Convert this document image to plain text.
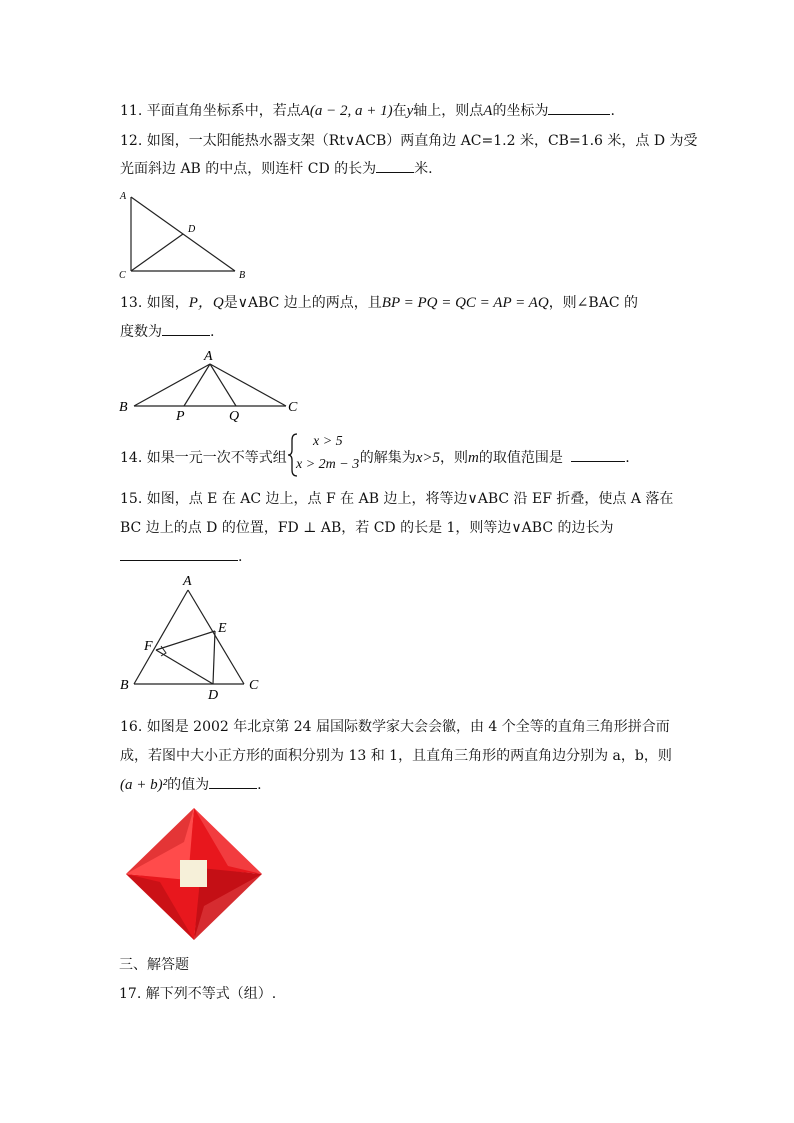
11. 平面直角坐标系中，若点A(a − 2, a + 1)在y轴上，则点A的坐标为	.
12. 如图，一太阳能热水器支架（Rt∨ACB）两直角边 AC=1.2 米，CB=1.6 米，点 D 为受
光面斜边 AB 的中点，则连杆 CD 的长为	米.
A
D
C	B
13. 如图，P，Q是∨ABC 边上的两点，且BP = PQ = QC = AP = AQ，则∠BAC 的
度数为	.
A
B	C
P	Q
14. 如果一元一次不等式组	的解集为x>5，则m的取值范围是	.
x > 5
x > 2m − 3
15. 如图，点 E 在 AC 边上，点 F 在 AB 边上，将等边∨ABC 沿 EF 折叠，使点 A 落在
BC 边上的点 D 的位置，FD ⊥ AB，若 CD 的长是 1，则等边∨ABC 的边长为
.
A
B	C
D
E
F
16. 如图是 2002 年北京第 24 届国际数学家大会会徽，由 4 个全等的直角三角形拼合而
成，若图中大小正方形的面积分别为 13 和 1，且直角三角形的两直角边分别为 a，b，则
(a + b)²的值为	.
三、解答题
17. 解下列不等式（组）.
